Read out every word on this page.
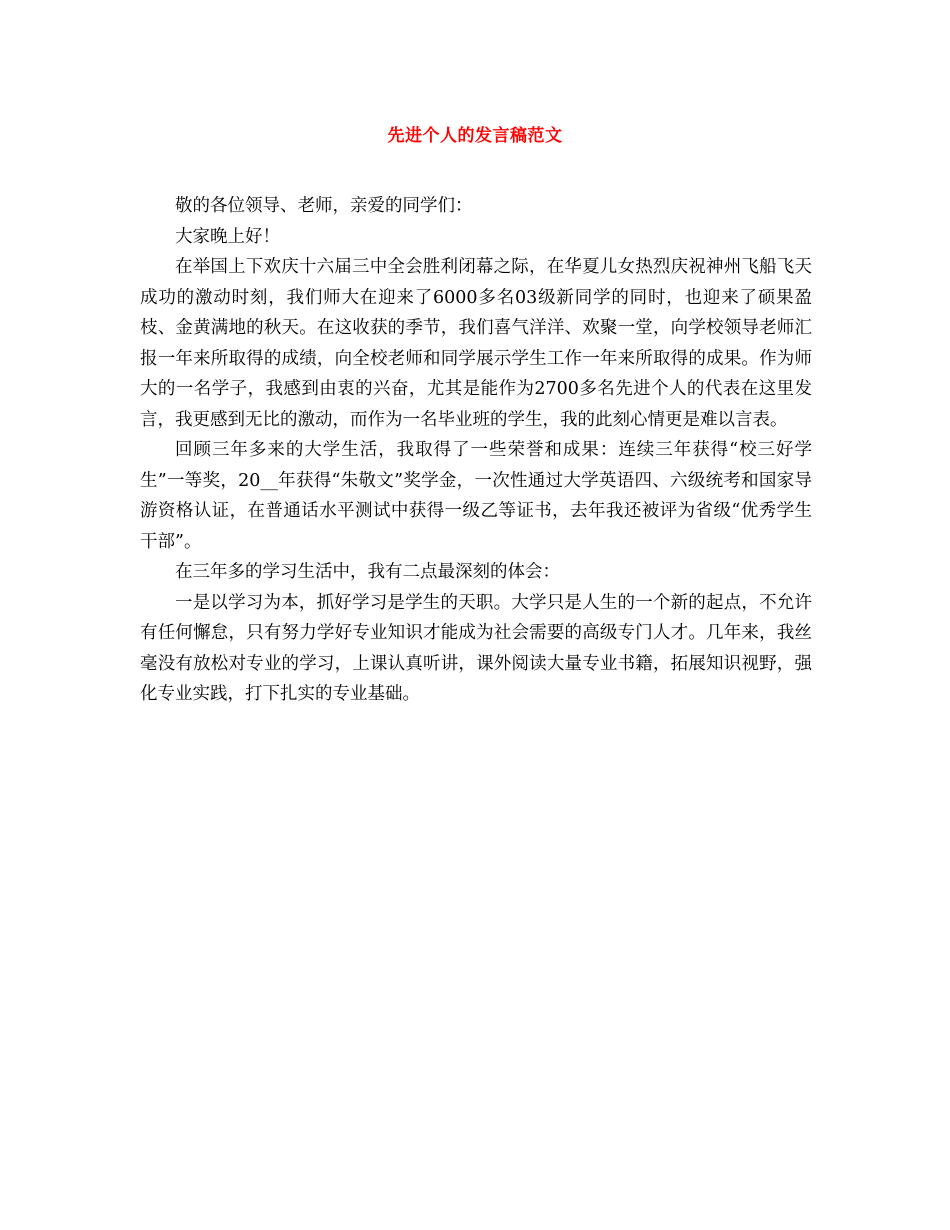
先进个人的发言稿范文

敬的各位领导、老师，亲爱的同学们：

大家晚上好！

在举国上下欢庆十六届三中全会胜利闭幕之际，在华夏儿女热烈庆祝神州飞船飞天成功的激动时刻，我们师大在迎来了6000多名03级新同学的同时，也迎来了硕果盈枝、金黄满地的秋天。在这收获的季节，我们喜气洋洋、欢聚一堂，向学校领导老师汇报一年来所取得的成绩，向全校老师和同学展示学生工作一年来所取得的成果。作为师大的一名学子，我感到由衷的兴奋，尤其是能作为2700多名先进个人的代表在这里发言，我更感到无比的激动，而作为一名毕业班的学生，我的此刻心情更是难以言表。

回顾三年多来的大学生活，我取得了一些荣誉和成果：连续三年获得“校三好学生”一等奖，20__年获得“朱敬文”奖学金，一次性通过大学英语四、六级统考和国家导游资格认证，在普通话水平测试中获得一级乙等证书，去年我还被评为省级“优秀学生干部”。

在三年多的学习生活中，我有二点最深刻的体会：

一是以学习为本，抓好学习是学生的天职。大学只是人生的一个新的起点，不允许有任何懈怠，只有努力学好专业知识才能成为社会需要的高级专门人才。几年来，我丝毫没有放松对专业的学习，上课认真听讲，课外阅读大量专业书籍，拓展知识视野，强化专业实践，打下扎实的专业基础。
